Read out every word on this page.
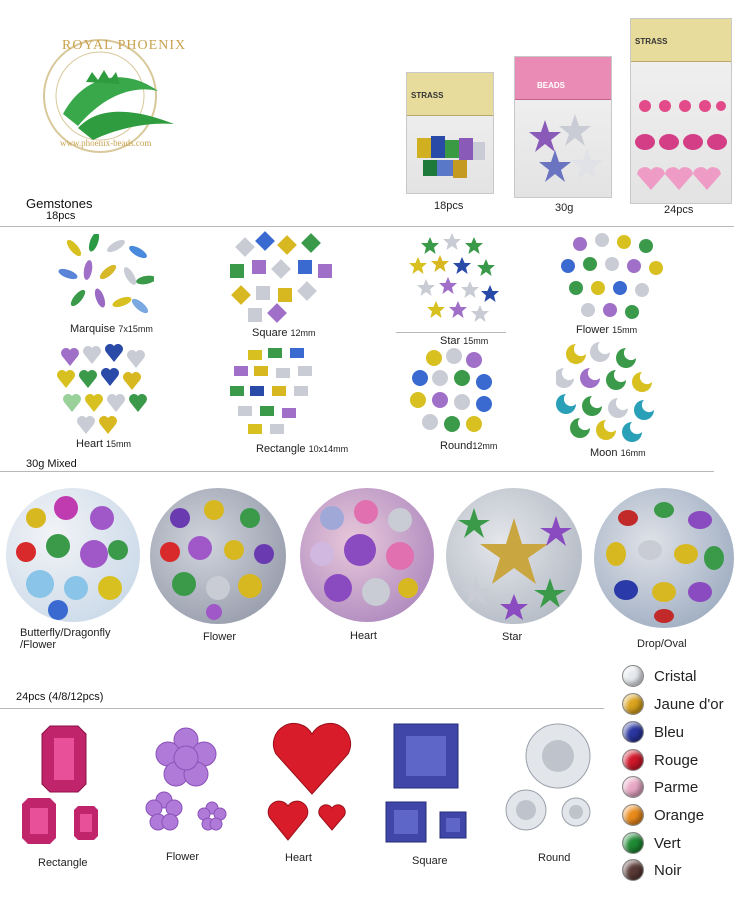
ROYAL PHOENIX
www.phoenix-beads.com
STRASS
18pcs
BEADS
30g
STRASS
24pcs
Gemstones
18pcs
Marquise 7x15mm	Square 12mm
Star 15mm
Flower 15mm
Heart 15mm	Rectangle 10x14mm	Round12mm
Moon 16mm
30g Mixed
Butterfly/Dragonfly
/Flower
Flower	Heart	Star
Drop/Oval
24pcs (4/8/12pcs)
Rectangle	Flower	Heart	Square	Round
Cristal
Jaune d'or
Bleu
Rouge
Parme
Orange
Vert
Noir
